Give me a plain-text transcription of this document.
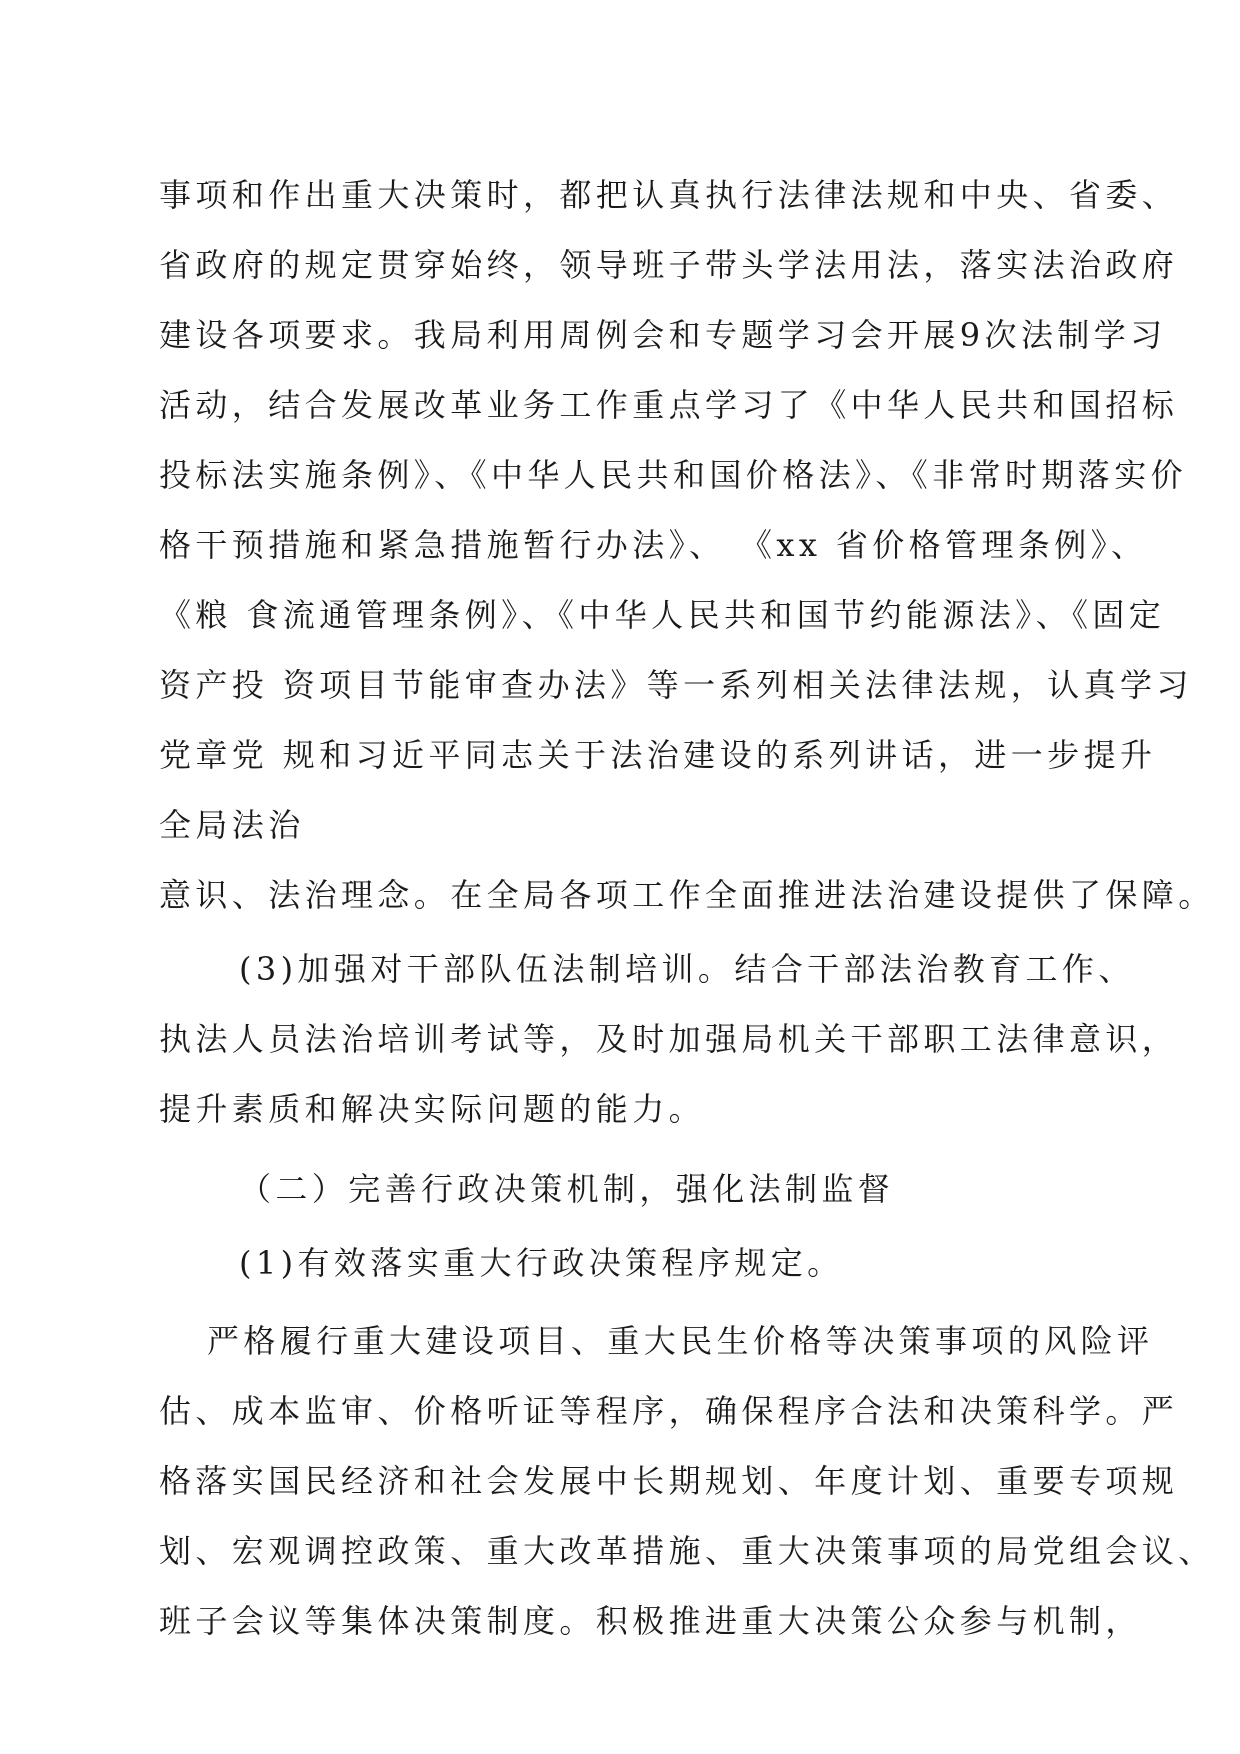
事项和作出重大决策时，都把认真执行法律法规和中央、省委、
省政府的规定贯穿始终，领导班子带头学法用法，落实法治政府
建设各项要求。我局利用周例会和专题学习会开展9次法制学习
活动，结合发展改革业务工作重点学习了《中华人民共和国招标
投标法实施条例》、《中华人民共和国价格法》、《非常时期落实价
格干预措施和紧急措施暂行办法》、 《xx 省价格管理条例》、
《粮 食流通管理条例》、《中华人民共和国节约能源法》、《固定
资产投 资项目节能审查办法》等一系列相关法律法规，认真学习
党章党 规和习近平同志关于法治建设的系列讲话，进一步提升
全局法治
意识、法治理念。在全局各项工作全面推进法治建设提供了保障。
(3)加强对干部队伍法制培训。结合干部法治教育工作、
执法人员法治培训考试等，及时加强局机关干部职工法律意识，
提升素质和解决实际问题的能力。
（二）完善行政决策机制，强化法制监督
(1)有效落实重大行政决策程序规定。
严格履行重大建设项目、重大民生价格等决策事项的风险评
估、成本监审、价格听证等程序，确保程序合法和决策科学。严
格落实国民经济和社会发展中长期规划、年度计划、重要专项规
划、宏观调控政策、重大改革措施、重大决策事项的局党组会议、
班子会议等集体决策制度。积极推进重大决策公众参与机制，
